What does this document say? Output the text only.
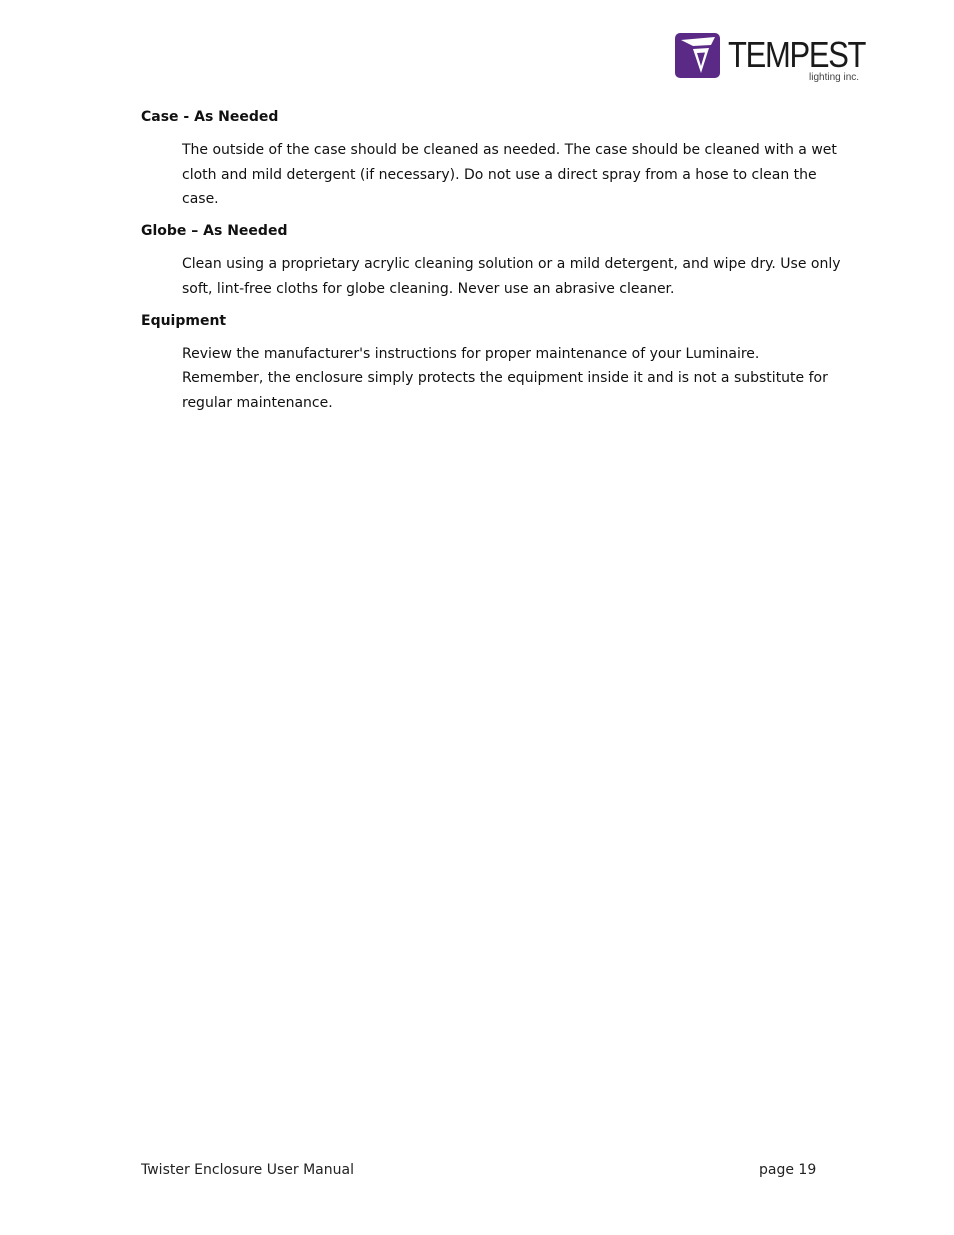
TEMPEST
lighting inc.
Case - As Needed

The outside of the case should be cleaned as needed. The case should be cleaned with a wet cloth and mild detergent (if necessary). Do not use a direct spray from a hose to clean the case.

Globe – As Needed

Clean using a proprietary acrylic cleaning solution or a mild detergent, and wipe dry. Use only soft, lint-free cloths for globe cleaning. Never use an abrasive cleaner.

Equipment

Review the manufacturer's instructions for proper maintenance of your Luminaire. Remember, the enclosure simply protects the equipment inside it and is not a substitute for regular maintenance.

Twister Enclosure User Manual	page 19
